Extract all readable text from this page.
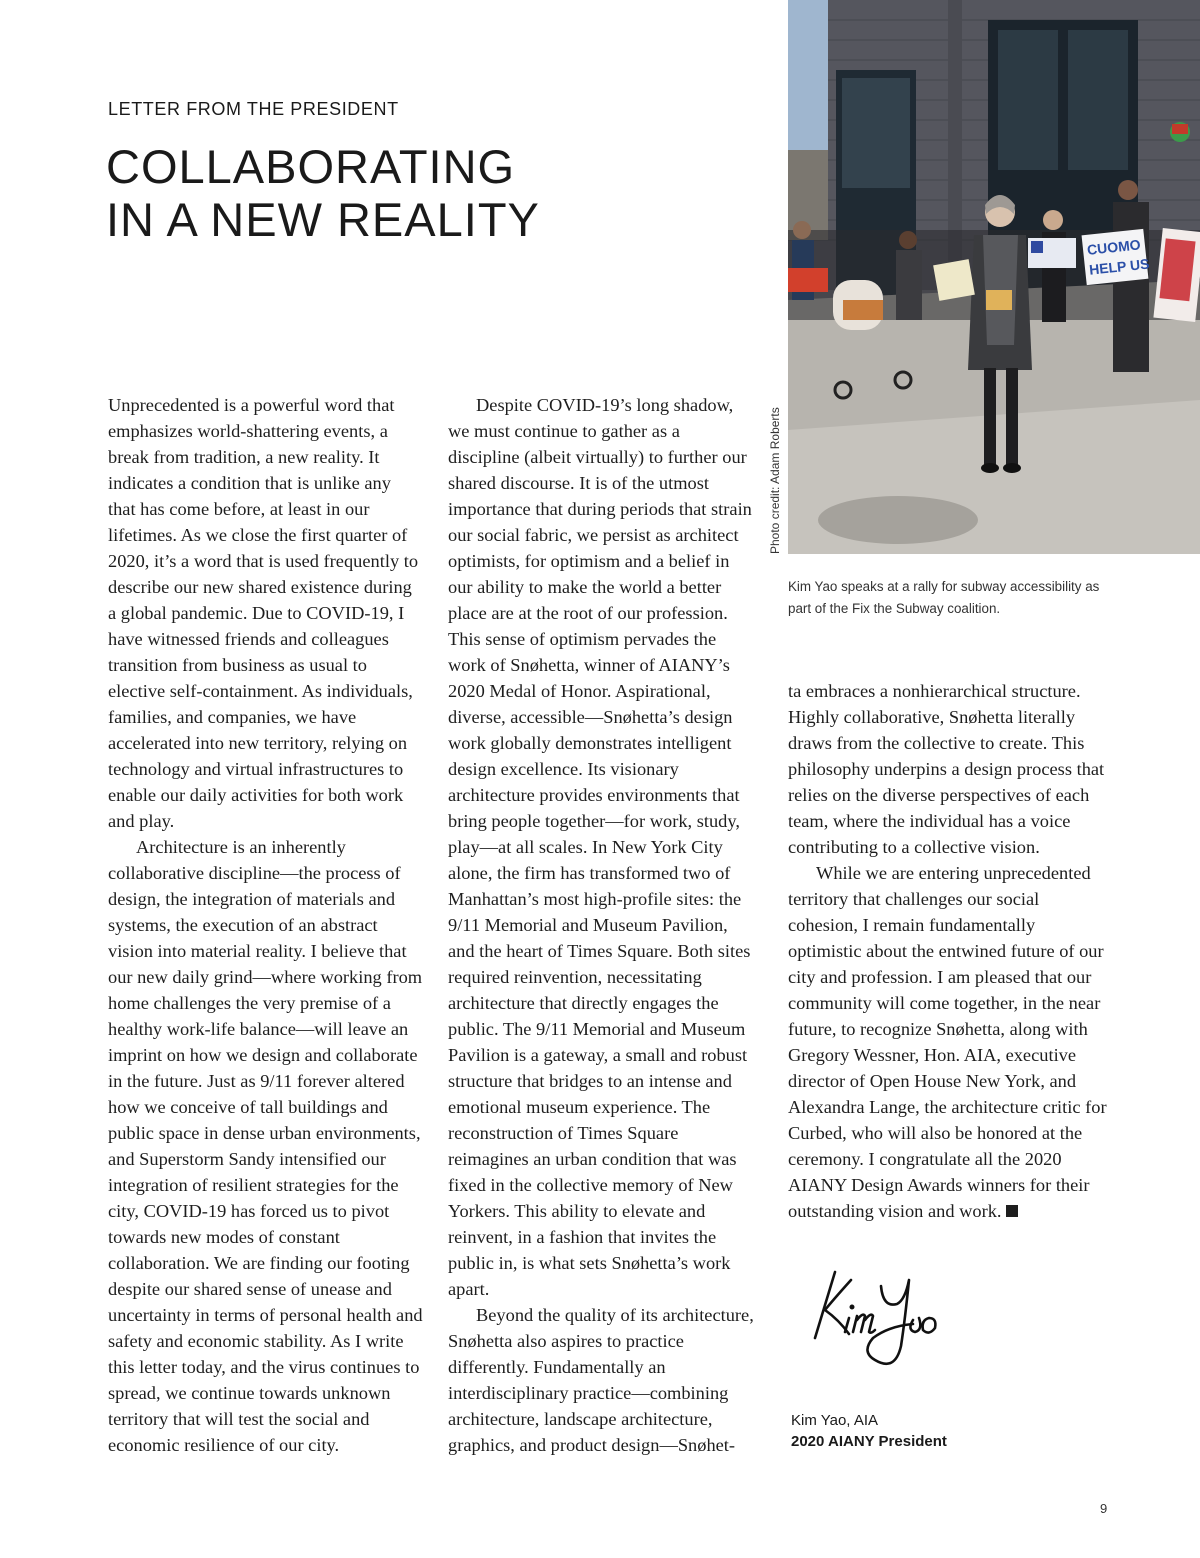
LETTER FROM THE PRESIDENT
COLLABORATING
IN A NEW REALITY
CUOMO
HELP US
Photo credit: Adam Roberts
Kim Yao speaks at a rally for subway accessibility as part of the Fix the Subway coalition.

Unprecedented is a powerful word that emphasizes world-shattering events, a break from tradition, a new reality. It indicates a condition that is unlike any that has come before, at least in our lifetimes. As we close the first quarter of 2020, it’s a word that is used frequently to describe our new shared existence during a global pandemic. Due to COVID-19, I have witnessed friends and colleagues transition from business as usual to elective self-containment. As individuals, families, and companies, we have accelerated into new territory, relying on technology and virtual infrastructures to enable our daily activities for both work and play.

Architecture is an inherently collaborative discipline—the process of design, the integration of materials and systems, the execution of an abstract vision into material reality. I believe that our new daily grind—where working from home challenges the very premise of a healthy work-life balance—will leave an imprint on how we design and collaborate in the future. Just as 9/11 forever altered how we conceive of tall buildings and public space in dense urban environments, and Superstorm Sandy intensified our integration of resilient strategies for the city, COVID-19 has forced us to pivot towards new modes of constant collaboration. We are finding our footing despite our shared sense of unease and uncertainty in terms of personal health and safety and economic stability. As I write this letter today, and the virus continues to spread, we continue towards unknown territory that will test the social and economic resilience of our city.

Despite COVID-19’s long shadow, we must continue to gather as a discipline (albeit virtually) to further our shared discourse. It is of the utmost importance that during periods that strain our social fabric, we persist as architect optimists, for optimism and a belief in our ability to make the world a better place are at the root of our profession. This sense of optimism pervades the work of Snøhetta, winner of AIANY’s 2020 Medal of Honor. Aspirational, diverse, accessible—Snøhetta’s design work globally demonstrates intelligent design excellence. Its visionary architecture provides environments that bring people together—for work, study, play—at all scales. In New York City alone, the firm has transformed two of Manhattan’s most high-profile sites: the 9/11 Memorial and Museum Pavilion, and the heart of Times Square. Both sites required reinvention, necessitating architecture that directly engages the public. The 9/11 Memorial and Museum Pavilion is a gateway, a small and robust structure that bridges to an intense and emotional museum experience. The reconstruction of Times Square reimagines an urban condition that was fixed in the collective memory of New Yorkers. This ability to elevate and reinvent, in a fashion that invites the public in, is what sets Snøhetta’s work apart.

Beyond the quality of its architecture, Snøhetta also aspires to practice differently. Fundamentally an interdisciplinary practice—combining architecture, landscape architecture, graphics, and product design—Snøhet-

ta embraces a nonhierarchical structure. Highly collaborative, Snøhetta literally draws from the collective to create. This philosophy underpins a design process that relies on the diverse perspectives of each team, where the individual has a voice contributing to a collective vision.

While we are entering unprecedented territory that challenges our social cohesion, I remain fundamentally optimistic about the entwined future of our city and profession. I am pleased that our community will come together, in the near future, to recognize Snøhetta, along with Gregory Wessner, Hon. AIA, executive director of Open House New York, and Alexandra Lange, the architecture critic for Curbed, who will also be honored at the ceremony. I congratulate all the 2020 AIANY Design Awards winners for their outstanding vision and work.

Kim Yao, AIA
2020 AIANY President
9
